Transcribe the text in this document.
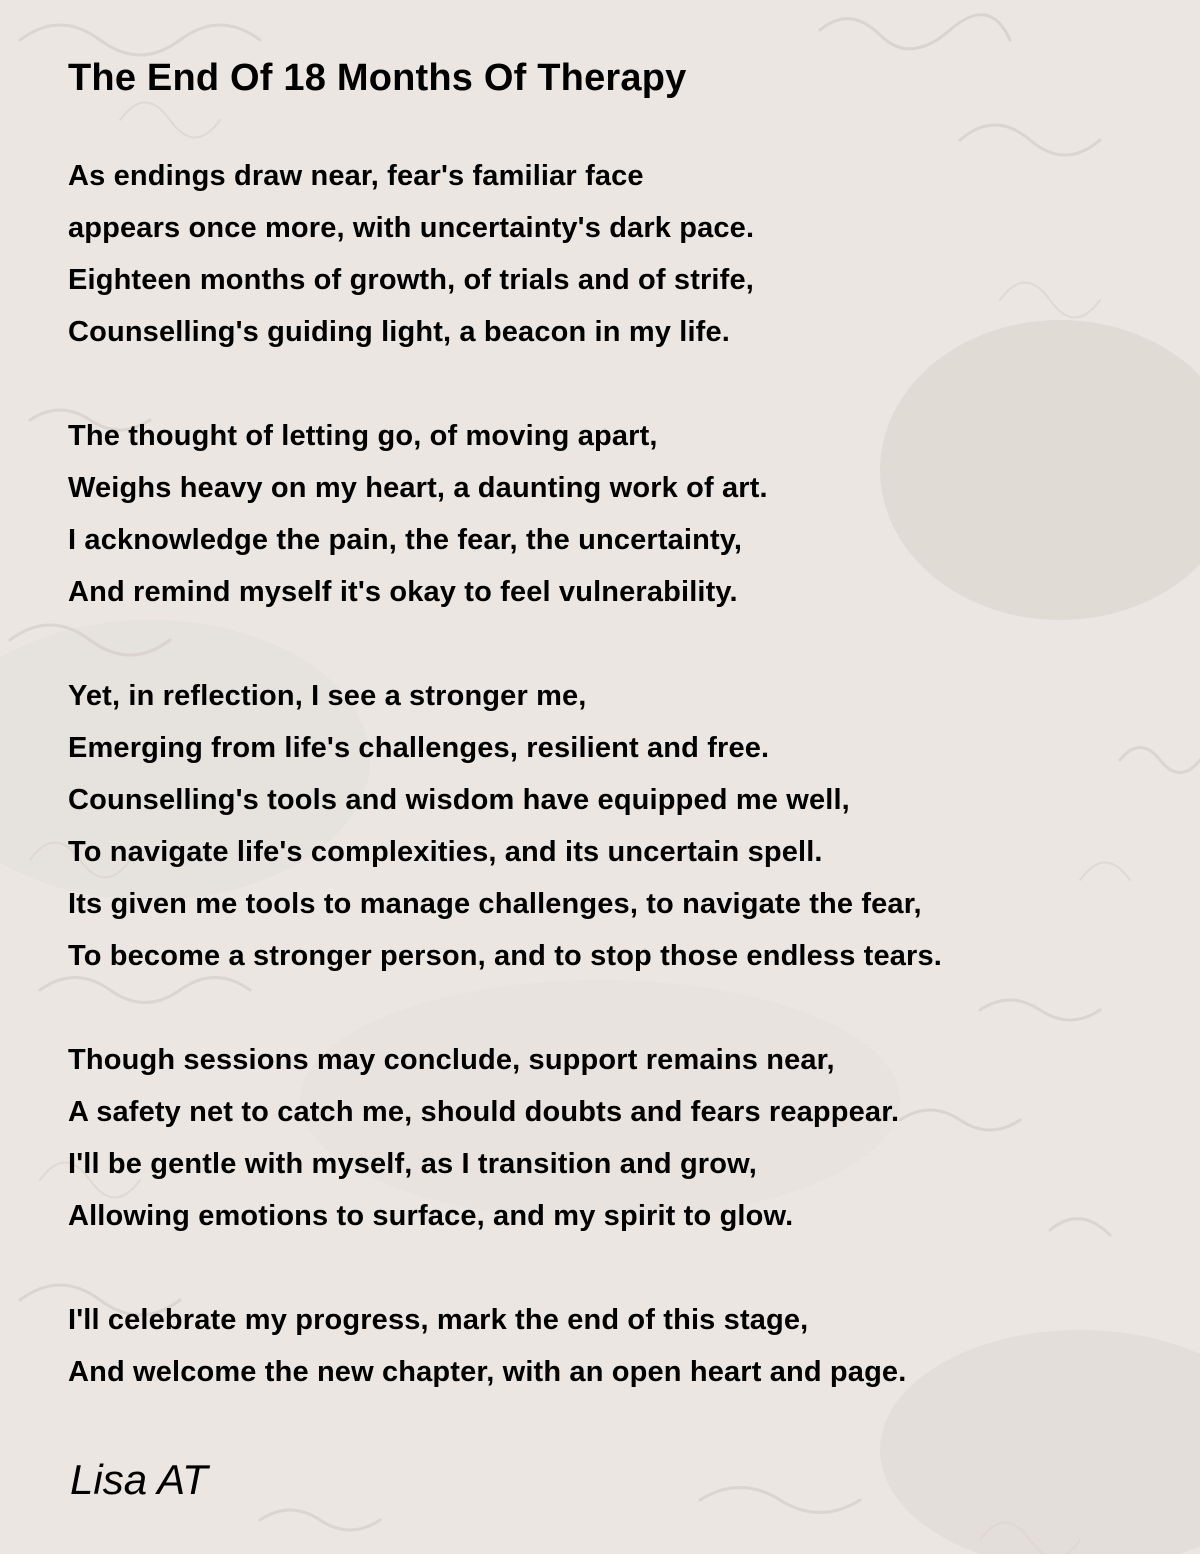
The End Of 18 Months Of Therapy
As endings draw near, fear's familiar face
appears once more, with uncertainty's dark pace.
Eighteen months of growth, of trials and of strife,
Counselling's guiding light, a beacon in my life.
The thought of letting go, of moving apart,
Weighs heavy on my heart, a daunting work of art.
I acknowledge the pain, the fear, the uncertainty,
And remind myself it's okay to feel vulnerability.
Yet, in reflection, I see a stronger me,
Emerging from life's challenges, resilient and free.
Counselling's tools and wisdom have equipped me well,
To navigate life's complexities, and its uncertain spell.
Its given me tools to manage challenges, to navigate the fear,
To become a stronger person, and to stop those endless tears.
Though sessions may conclude, support remains near,
A safety net to catch me, should doubts and fears reappear.
I'll be gentle with myself, as I transition and grow,
Allowing emotions to surface, and my spirit to glow.
I'll celebrate my progress, mark the end of this stage,
And welcome the new chapter, with an open heart and page.

Lisa AT
